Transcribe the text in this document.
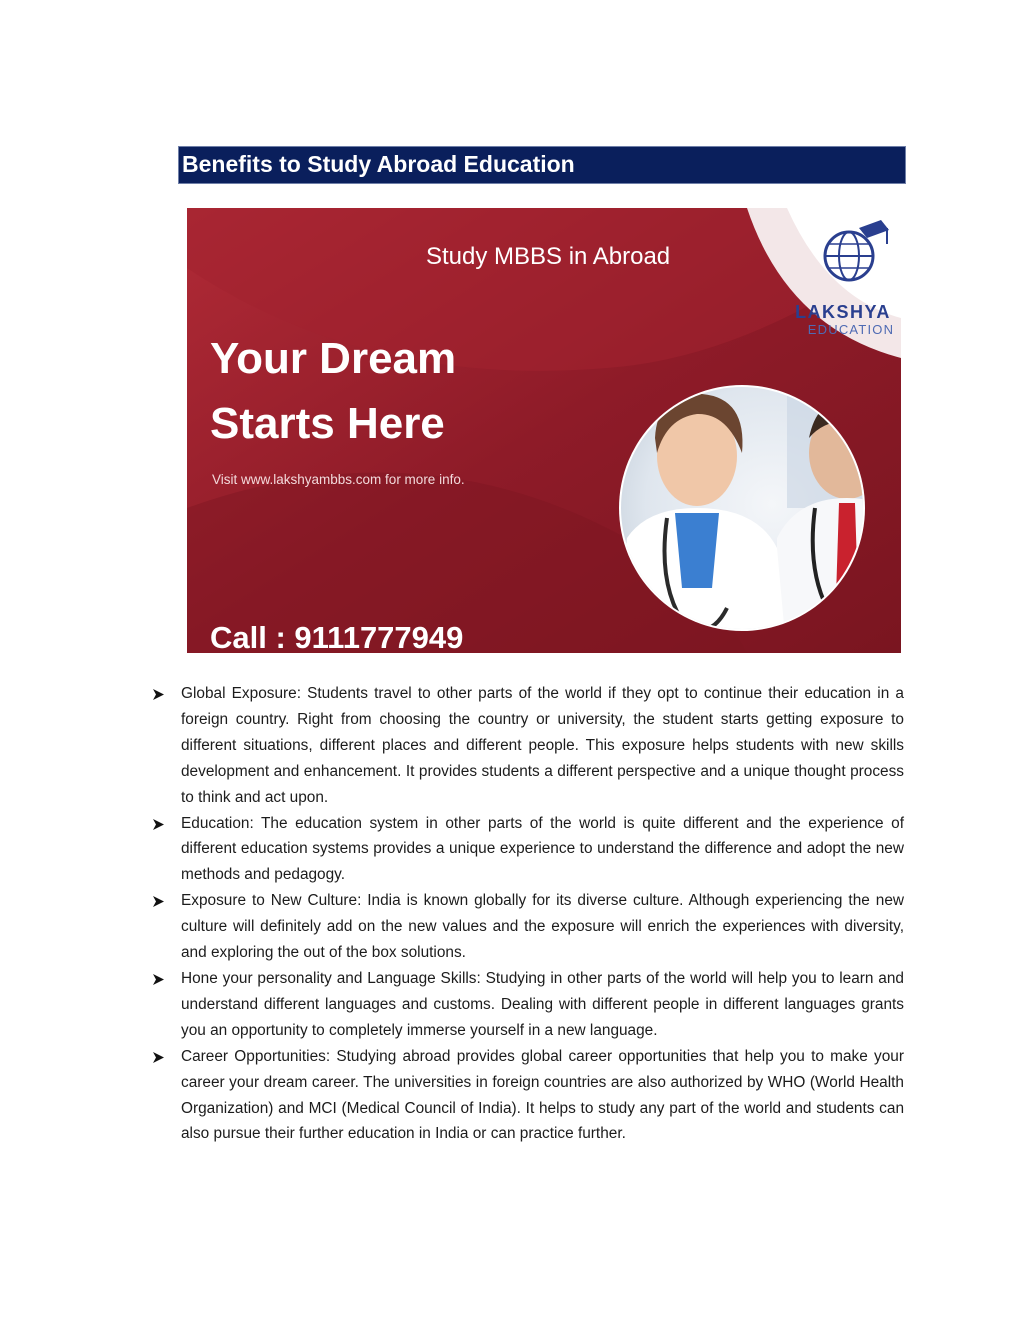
Benefits to Study Abroad Education
LAKSHYA
EDUCATION
Study MBBS in Abroad
Your Dream
Starts Here
Visit www.lakshyambbs.com for more info.
Call : 9111777949
Global Exposure: Students travel to other parts of the world if they opt to continue their education in a foreign country. Right from choosing the country or university, the student starts getting exposure to different situations, different places and different people. This exposure helps students with new skills development and enhancement. It provides students a different perspective and a unique thought process to think and act upon.
Education: The education system in other parts of the world is quite different and the experience of different education systems provides a unique experience to understand the difference and adopt the new methods and pedagogy.
Exposure to New Culture: India is known globally for its diverse culture. Although experiencing the new culture will definitely add on the new values and the exposure will enrich the experiences with diversity, and exploring the out of the box solutions.
Hone your personality and Language Skills: Studying in other parts of the world will help you to learn and understand different languages and customs. Dealing with different people in different languages grants you an opportunity to completely immerse yourself in a new language.
Career Opportunities: Studying abroad provides global career opportunities that help you to make your career your dream career. The universities in foreign countries are also authorized by WHO (World Health Organization) and MCI (Medical Council of India). It helps to study any part of the world and students can also pursue their further education in India or can practice further.
